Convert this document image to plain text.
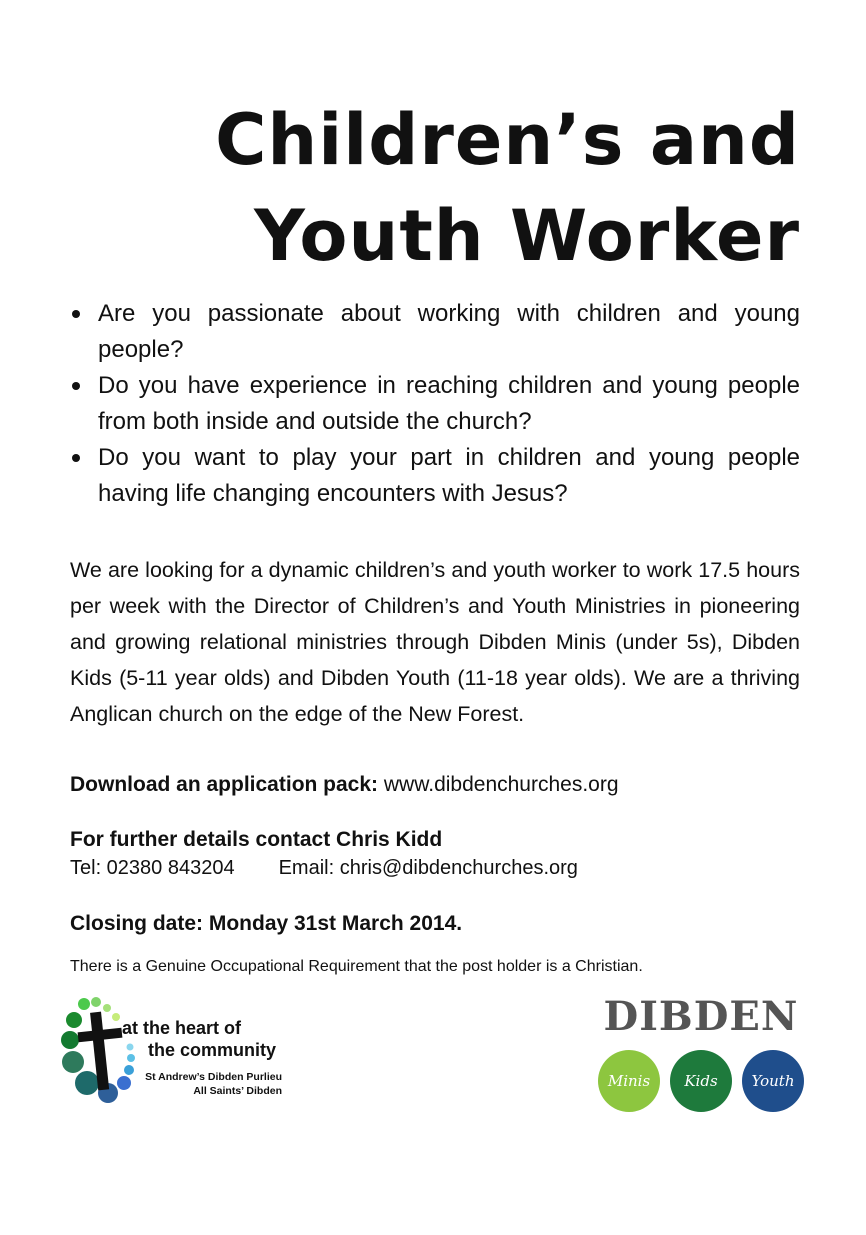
Children’s and
Youth Worker
Are you passionate about working with children and young people?
Do you have experience in reaching children and young people from both inside and outside the church?
Do you want to play your part in children and young people having life changing encounters with Jesus?
We are looking for a dynamic children’s and youth worker to work 17.5 hours per week with the Director of Children’s and Youth Ministries in pioneering and growing relational ministries through Dibden Minis (under 5s), Dibden Kids (5-11 year olds) and Dibden Youth (11-18 year olds). We are a thriving Anglican church on the edge of the New Forest.
Download an application pack: www.dibdenchurches.org
For further details contact Chris Kidd
Tel: 02380 843204 Email: chris@dibdenchurches.org
Closing date: Monday 31st March 2014.
There is a Genuine Occupational Requirement that the post holder is a Christian.
at the heart of
the community
St Andrew’s Dibden Purlieu
All Saints’ Dibden
DIBDEN
Minis	Kids	Youth
